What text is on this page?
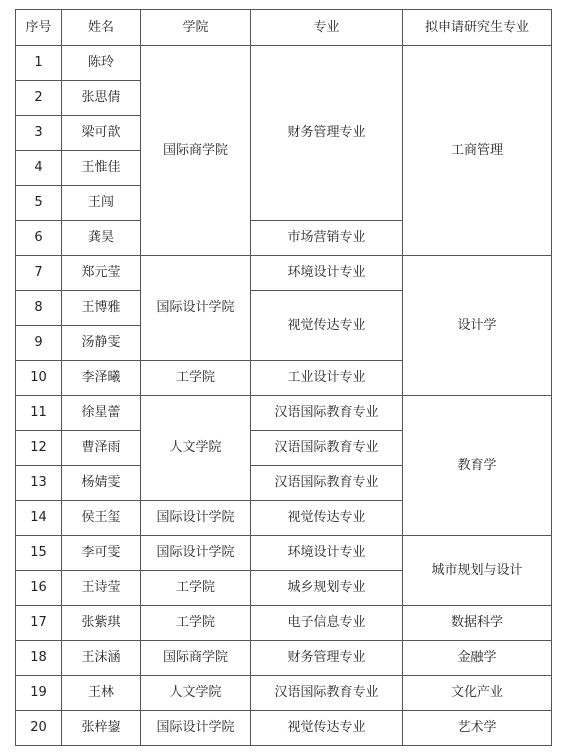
序号	姓名	学院	专业	拟申请研究生专业
1	陈玲	国际商学院	财务管理专业	工商管理
2	张思倩			
3	梁可歆			
4	王惟佳			
5	王闯			
6	龚昊		市场营销专业	
7	郑元莹	国际设计学院	环境设计专业	设计学
8	王博雅		视觉传达专业	
9	汤静雯			
10	李泽曦	工学院	工业设计专业	
11	徐星蕾	人文学院	汉语国际教育专业	教育学
12	曹泽雨		汉语国际教育专业	
13	杨婧雯		汉语国际教育专业	
14	侯王玺	国际设计学院	视觉传达专业	
15	李可雯	国际设计学院	环境设计专业	城市规划与设计
16	王诗莹	工学院	城乡规划专业	
17	张紫琪	工学院	电子信息专业	数据科学
18	王沫涵	国际商学院	财务管理专业	金融学
19	王林	人文学院	汉语国际教育专业	文化产业
20	张梓鋆	国际设计学院	视觉传达专业	艺术学
